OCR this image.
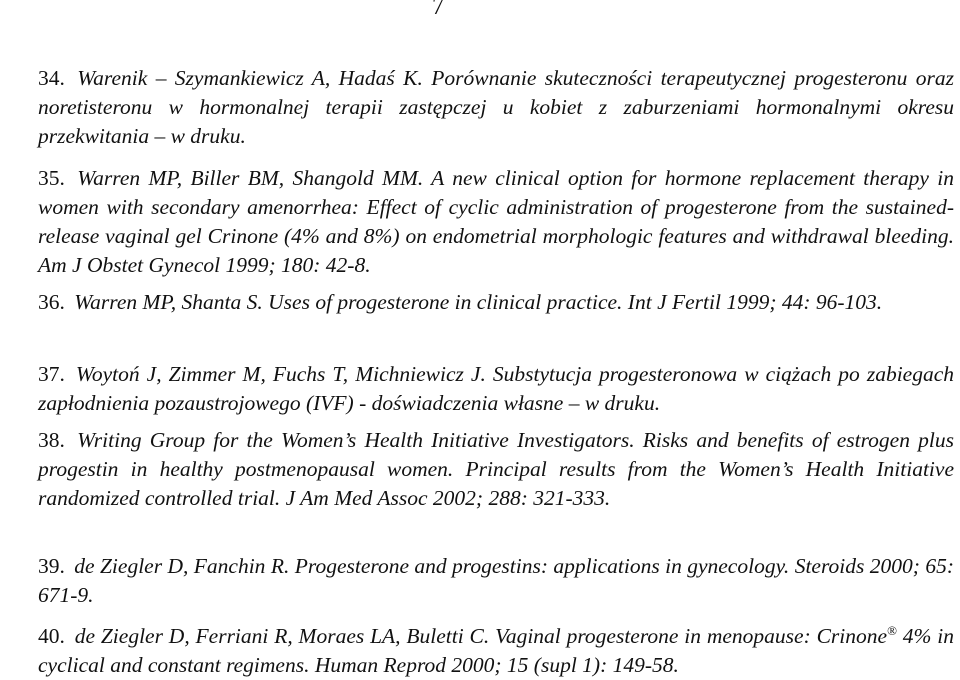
7
34. Warenik – Szymankiewicz A, Hadaś K. Porównanie skuteczności terapeutycznej progesteronu oraz noretisteronu w hormonalnej terapii zastępczej u kobiet z zaburzeniami hormonalnymi okresu przekwitania – w druku.
35. Warren MP, Biller BM, Shangold MM. A new clinical option for hormone replacement therapy in women with secondary amenorrhea: Effect of cyclic administration of progesterone from the sustained-release vaginal gel Crinone (4% and 8%) on endometrial morphologic features and withdrawal bleeding. Am J Obstet Gynecol 1999; 180: 42-8.
36. Warren MP, Shanta S. Uses of progesterone in clinical practice. Int J Fertil 1999; 44: 96-103.
37. Woytoń J, Zimmer M, Fuchs T, Michniewicz J. Substytucja progesteronowa w ciążach po zabiegach zapłodnienia pozaustrojowego (IVF) - doświadczenia własne – w druku.
38. Writing Group for the Women’s Health Initiative Investigators. Risks and benefits of estrogen plus progestin in healthy postmenopausal women. Principal results from the Women’s Health Initiative randomized controlled trial. J Am Med Assoc 2002; 288: 321-333.
39. de Ziegler D, Fanchin R. Progesterone and progestins: applications in gynecology. Steroids 2000; 65: 671-9.
40. de Ziegler D, Ferriani R, Moraes LA, Buletti C. Vaginal progesterone in menopause: Crinone® 4% in cyclical and constant regimens. Human Reprod 2000; 15 (supl 1): 149-58.
